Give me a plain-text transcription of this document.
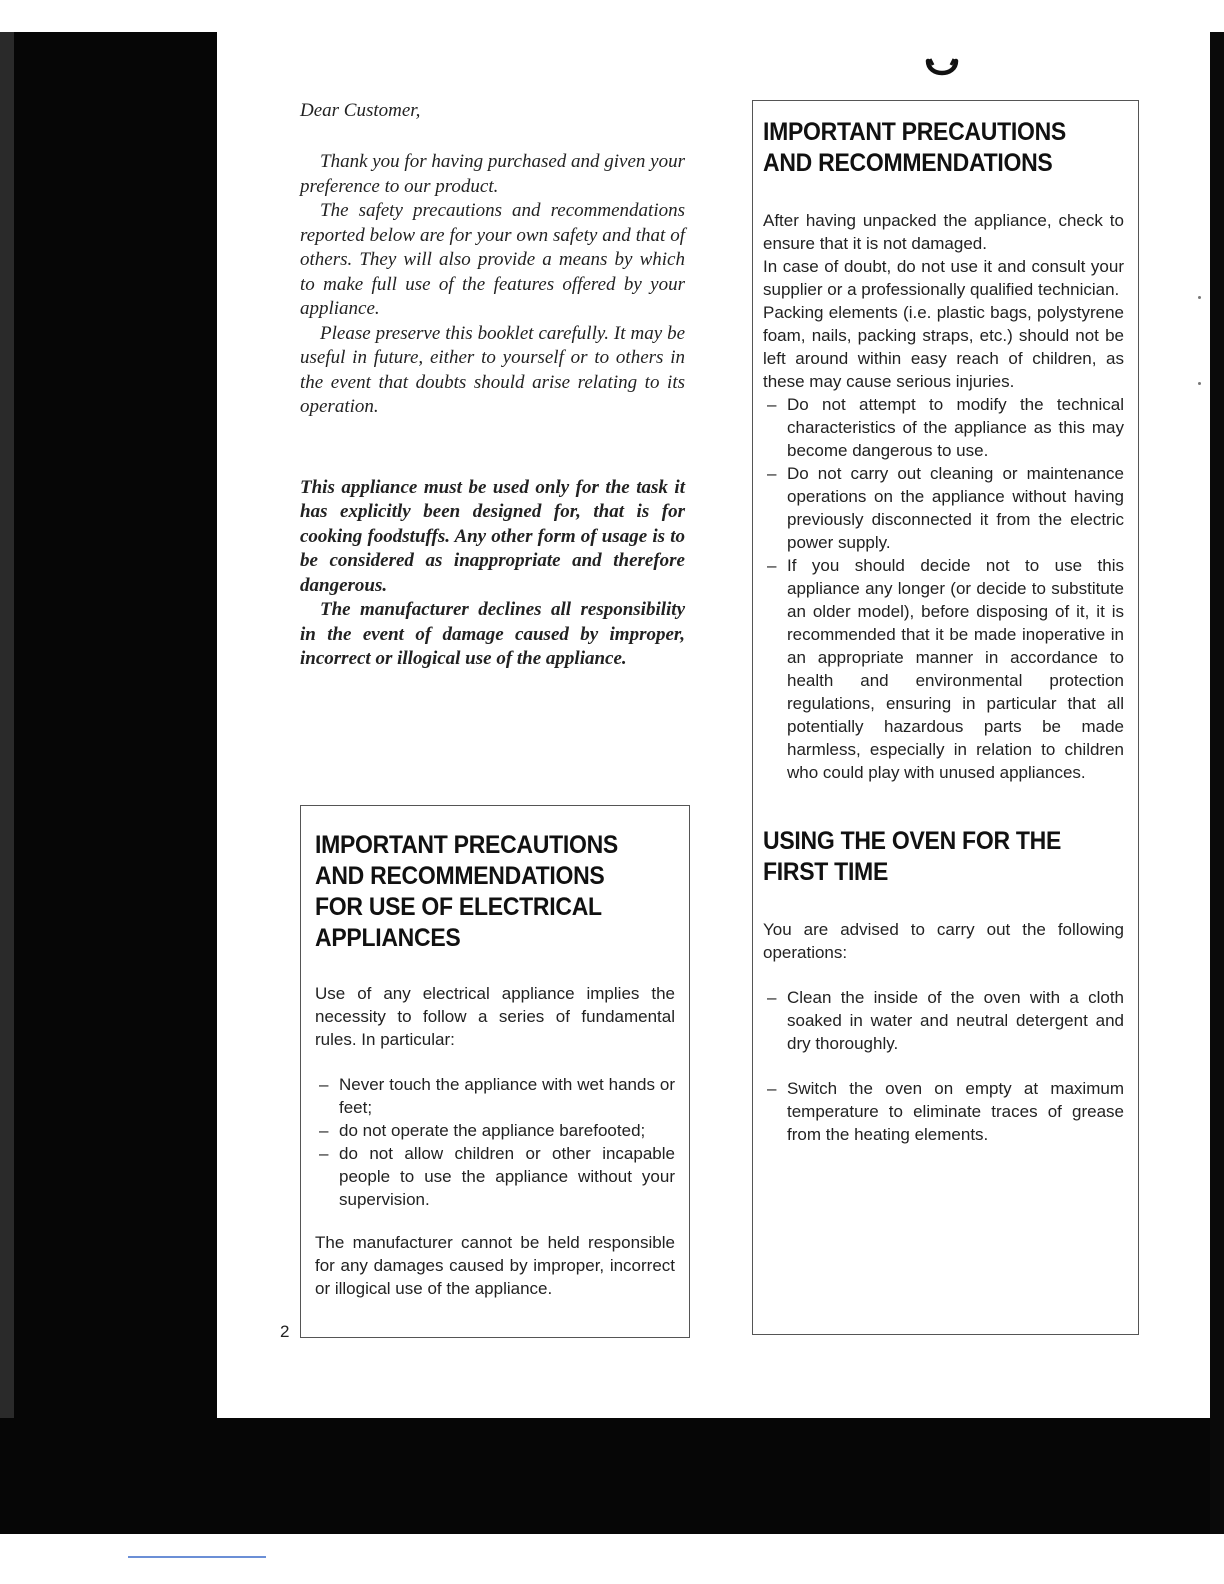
Dear Customer,

Thank you for having purchased and given your preference to our product.

The safety precautions and recommendations reported below are for your own safety and that of others. They will also provide a means by which to make full use of the features offered by your appliance.

Please preserve this booklet carefully. It may be useful in future, either to yourself or to others in the event that doubts should arise relating to its operation.

This appliance must be used only for the task it has explicitly been designed for, that is for cooking foodstuffs. Any other form of usage is to be considered as inappropriate and therefore dangerous.

The manufacturer declines all responsibility in the event of damage caused by improper, incorrect or illogical use of the appliance.

IMPORTANT PRECAUTIONS AND RECOMMENDATIONS FOR USE OF ELECTRICAL APPLIANCES

Use of any electrical appliance implies the necessity to follow a series of fundamental rules. In particular:

– Never touch the appliance with wet hands or feet;
– do not operate the appliance barefooted;
– do not allow children or other incapable people to use the appliance without your supervision.

The manufacturer cannot be held responsible for any damages caused by improper, incorrect or illogical use of the appliance.

2
IMPORTANT PRECAUTIONS AND RECOMMENDATIONS

After having unpacked the appliance, check to ensure that it is not damaged.

In case of doubt, do not use it and consult your supplier or a professionally qualified technician.

Packing elements (i.e. plastic bags, polystyrene foam, nails, packing straps, etc.) should not be left around within easy reach of children, as these may cause serious injuries.

– Do not attempt to modify the technical characteristics of the appliance as this may become dangerous to use.
– Do not carry out cleaning or maintenance operations on the appliance without having previously disconnected it from the electric power supply.
– If you should decide not to use this appliance any longer (or decide to substitute an older model), before disposing of it, it is recommended that it be made inoperative in an appropriate manner in accordance to health and environmental protection regulations, ensuring in particular that all potentially hazardous parts be made harmless, especially in relation to children who could play with unused appliances.
USING THE OVEN FOR THE FIRST TIME

You are advised to carry out the following operations:

– Clean the inside of the oven with a cloth soaked in water and neutral detergent and dry thoroughly.
– Switch the oven on empty at maximum temperature to eliminate traces of grease from the heating elements.
